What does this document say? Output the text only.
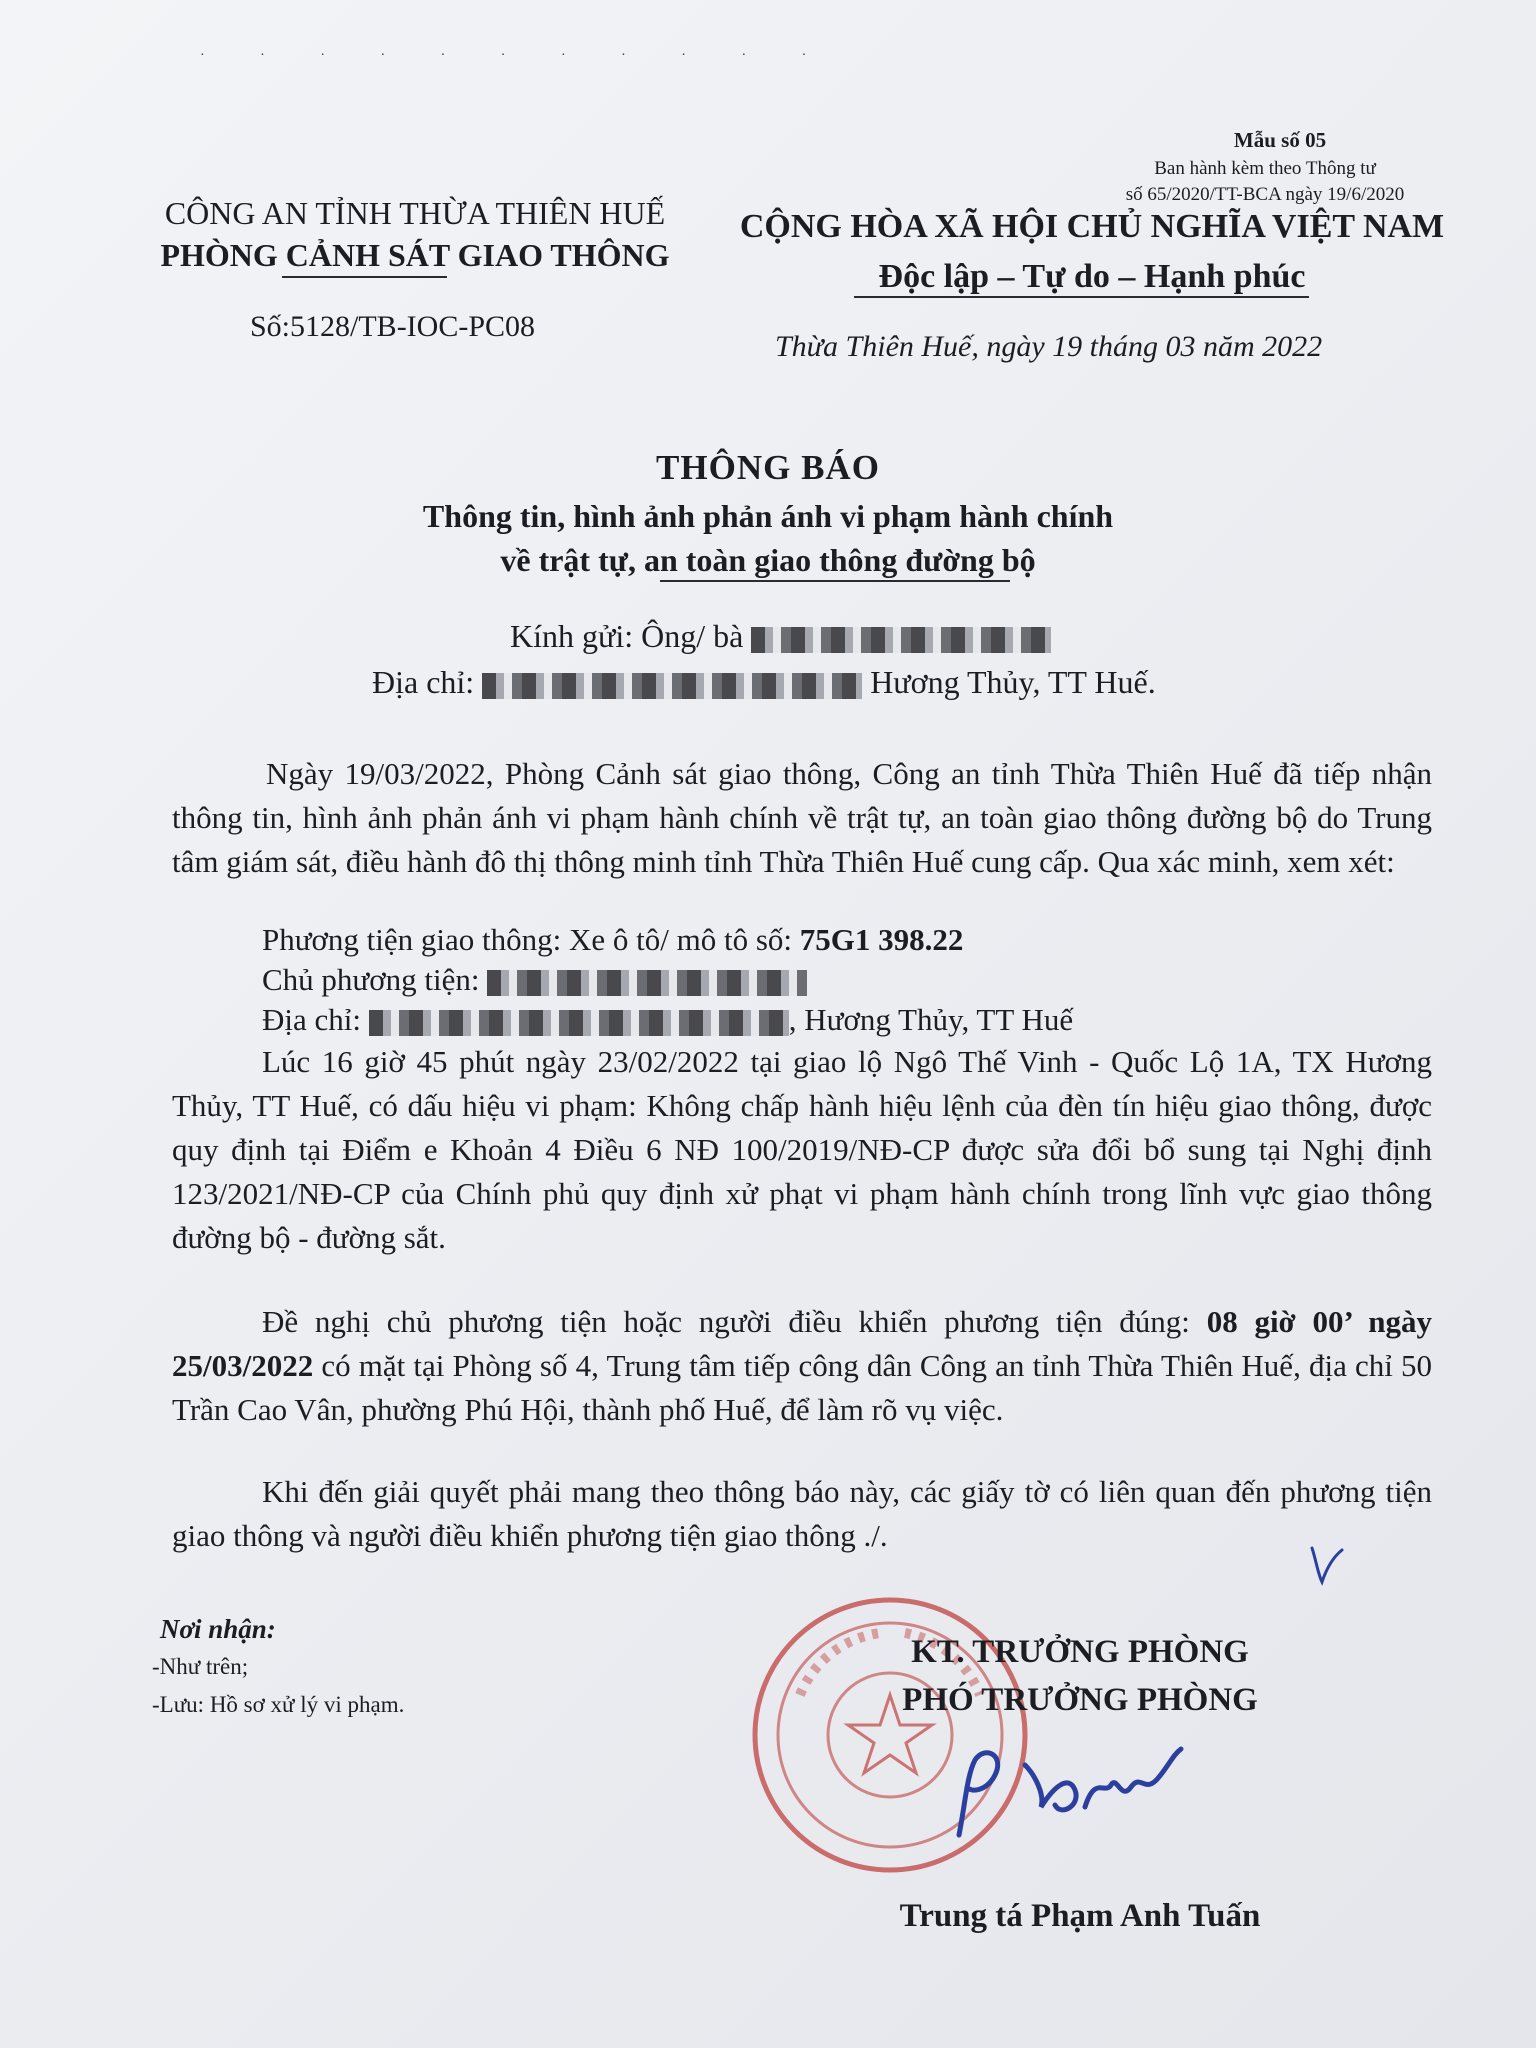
· · · · · · · · · · ·
Mẫu số 05
Ban hành kèm theo Thông tư
số 65/2020/TT-BCA ngày 19/6/2020
CÔNG AN TỈNH THỪA THIÊN HUẾ
PHÒNG CẢNH SÁT GIAO THÔNG
CỘNG HÒA XÃ HỘI CHỦ NGHĨA VIỆT NAM
Độc lập – Tự do – Hạnh phúc
Số:5128/TB-IOC-PC08
Thừa Thiên Huế, ngày 19 tháng 03 năm 2022
THÔNG BÁO
Thông tin, hình ảnh phản ánh vi phạm hành chính
về trật tự, an toàn giao thông đường bộ
Kính gửi: Ông/ bà
Địa chỉ:	Hương Thủy, TT Huế.
Ngày 19/03/2022, Phòng Cảnh sát giao thông, Công an tỉnh Thừa Thiên Huế đã tiếp nhận thông tin, hình ảnh phản ánh vi phạm hành chính về trật tự, an toàn giao thông đường bộ do Trung tâm giám sát, điều hành đô thị thông minh tỉnh Thừa Thiên Huế cung cấp. Qua xác minh, xem xét:
Phương tiện giao thông: Xe ô tô/ mô tô số: 75G1 398.22
Chủ phương tiện:
Địa chỉ:	, Hương Thủy, TT Huế
Lúc 16 giờ 45 phút ngày 23/02/2022 tại giao lộ Ngô Thế Vinh - Quốc Lộ 1A, TX Hương Thủy, TT Huế, có dấu hiệu vi phạm: Không chấp hành hiệu lệnh của đèn tín hiệu giao thông, được quy định tại Điểm e Khoản 4 Điều 6 NĐ 100/2019/NĐ-CP được sửa đổi bổ sung tại Nghị định 123/2021/NĐ-CP của Chính phủ quy định xử phạt vi phạm hành chính trong lĩnh vực giao thông đường bộ - đường sắt.
Đề nghị chủ phương tiện hoặc người điều khiển phương tiện đúng: 08 giờ 00’ ngày 25/03/2022 có mặt tại Phòng số 4, Trung tâm tiếp công dân Công an tỉnh Thừa Thiên Huế, địa chỉ 50 Trần Cao Vân, phường Phú Hội, thành phố Huế, để làm rõ vụ việc.
Khi đến giải quyết phải mang theo thông báo này, các giấy tờ có liên quan đến phương tiện giao thông và người điều khiển phương tiện giao thông ./.
Nơi nhận:
-Như trên;
-Lưu: Hồ sơ xử lý vi phạm.
KT. TRƯỞNG PHÒNG
PHÓ TRƯỞNG PHÒNG
Trung tá Phạm Anh Tuấn
